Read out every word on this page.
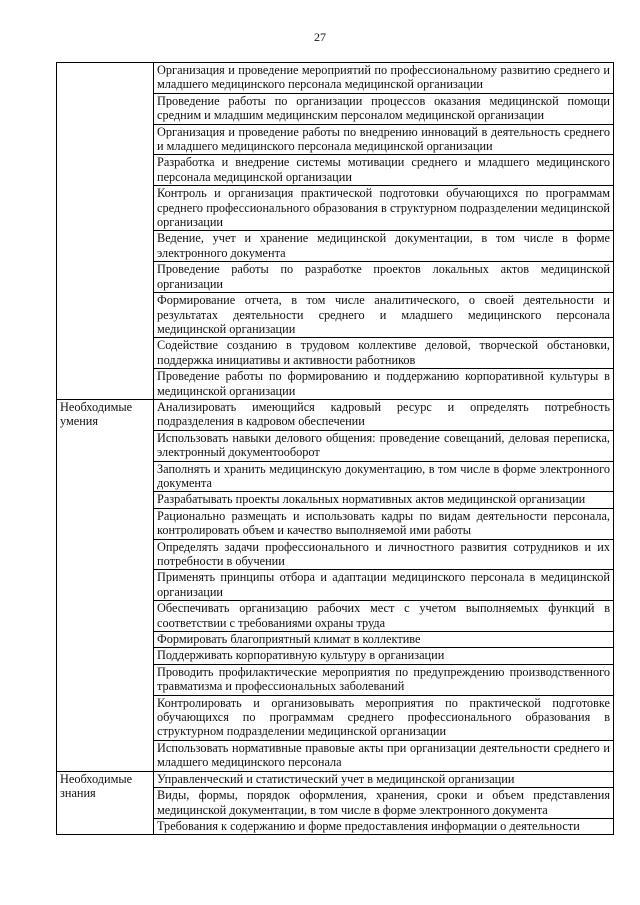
27
	Организация и проведение мероприятий по профессиональному развитию среднего и младшего медицинского персонала медицинской организации
	Проведение работы по организации процессов оказания медицинской помощи средним и младшим медицинским персоналом медицинской организации
	Организация и проведение работы по внедрению инноваций в деятельность среднего и младшего медицинского персонала медицинской организации
	Разработка и внедрение системы мотивации среднего и младшего медицинского персонала медицинской организации
	Контроль и организация практической подготовки обучающихся по программам среднего профессионального образования в структурном подразделении медицинской организации
	Ведение, учет и хранение медицинской документации, в том числе в форме электронного документа
	Проведение работы по разработке проектов локальных актов медицинской организации
	Формирование отчета, в том числе аналитического, о своей деятельности и результатах деятельности среднего и младшего медицинского персонала медицинской организации
	Содействие созданию в трудовом коллективе деловой, творческой обстановки, поддержка инициативы и активности работников
	Проведение работы по формированию и поддержанию корпоративной культуры в медицинской организации
Необходимые умения	Анализировать имеющийся кадровый ресурс и определять потребность подразделения в кадровом обеспечении
	Использовать навыки делового общения: проведение совещаний, деловая переписка, электронный документооборот
	Заполнять и хранить медицинскую документацию, в том числе в форме электронного документа
	Разрабатывать проекты локальных нормативных актов медицинской организации
	Рационально размещать и использовать кадры по видам деятельности персонала, контролировать объем и качество выполняемой ими работы
	Определять задачи профессионального и личностного развития сотрудников и их потребности в обучении
	Применять принципы отбора и адаптации медицинского персонала в медицинской организации
	Обеспечивать организацию рабочих мест с учетом выполняемых функций в соответствии с требованиями охраны труда
	Формировать благоприятный климат в коллективе
	Поддерживать корпоративную культуру в организации
	Проводить профилактические мероприятия по предупреждению производственного травматизма и профессиональных заболеваний
	Контролировать и организовывать мероприятия по практической подготовке обучающихся по программам среднего профессионального образования в структурном подразделении медицинской организации
	Использовать нормативные правовые акты при организации деятельности среднего и младшего медицинского персонала
Необходимые знания	Управленческий и статистический учет в медицинской организации
	Виды, формы, порядок оформления, хранения, сроки и объем представления медицинской документации, в том числе в форме электронного документа
	Требования к содержанию и форме предоставления информации о деятельности
